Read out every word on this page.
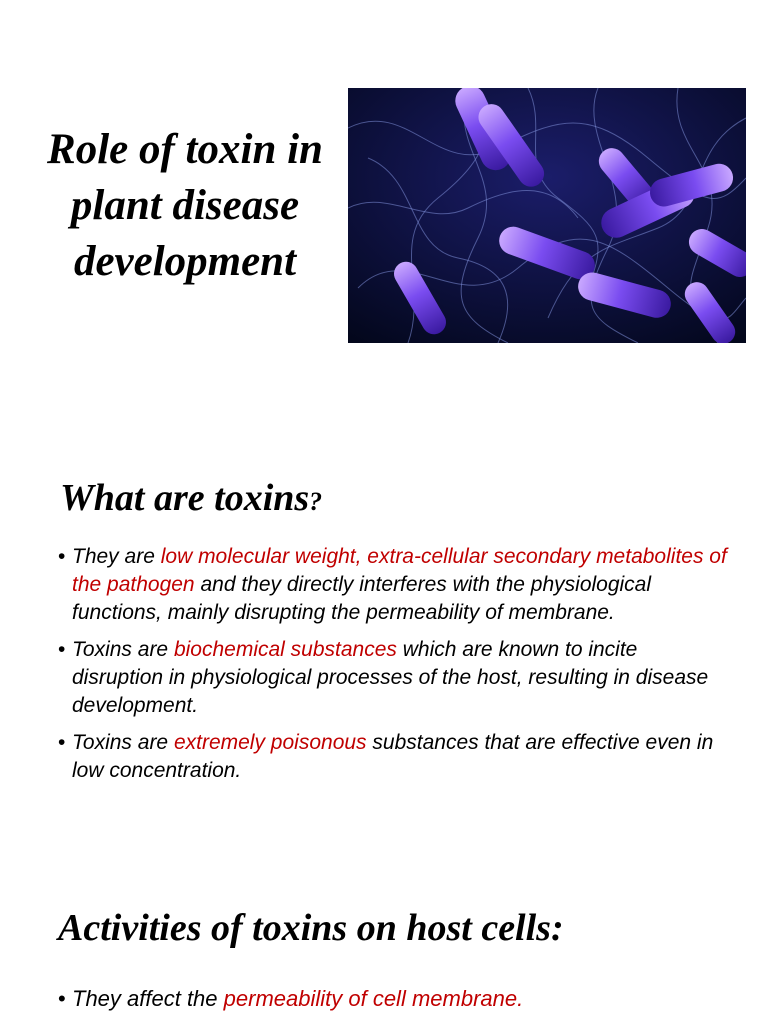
Role of toxin in plant disease development
What are toxins?
• They are low molecular weight, extra-cellular secondary metabolites of the pathogen and they directly interferes with the physiological functions, mainly disrupting the permeability of membrane.
• Toxins are biochemical substances which are known to incite disruption in physiological processes of the host, resulting in disease development.
• Toxins are extremely poisonous substances that are effective even in low concentration.
Activities of toxins on host cells:
• They affect the permeability of cell membrane.
